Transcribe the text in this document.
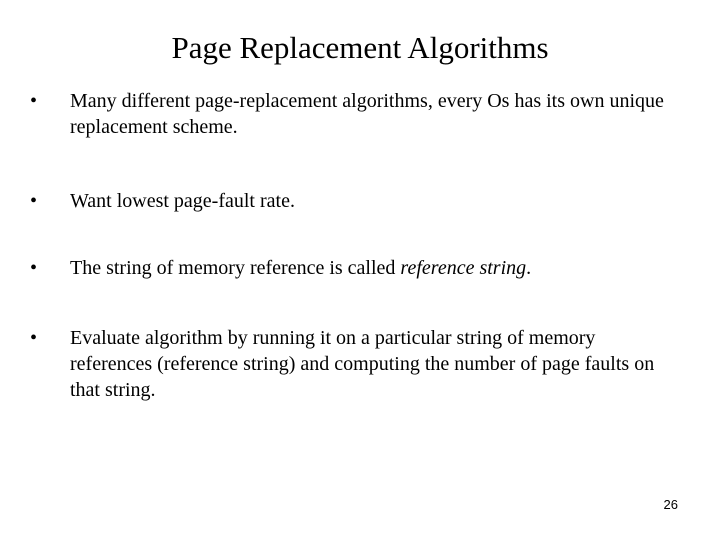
Page Replacement Algorithms
•	Many different page-replacement algorithms, every Os has its own unique replacement scheme.
•	Want lowest page-fault rate.
•	The string of memory reference is called reference string.
•	Evaluate algorithm by running it on a particular string of memory references (reference string) and computing the number of page faults on that string.
26
